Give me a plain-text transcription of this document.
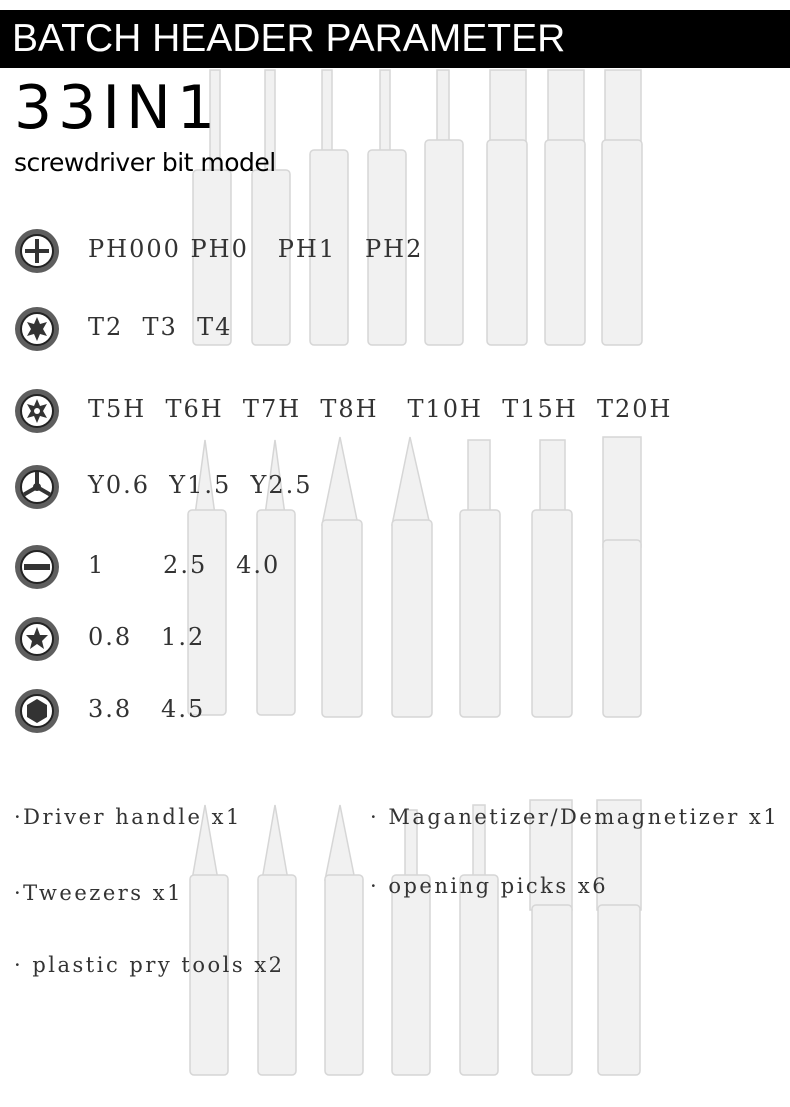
BATCH HEADER PARAMETER
33IN1
screwdriver bit model
PH000 PH0   PH1   PH2
T2  T3  T4
T5H  T6H  T7H  T8H   T10H  T15H  T20H
Y0.6  Y1.5  Y2.5
1      2.5   4.0
0.8   1.2
3.8   4.5
·Driver handle x1
·Tweezers x1
· plastic pry tools x2
· Maganetizer/Demagnetizer x1
· opening picks x6
